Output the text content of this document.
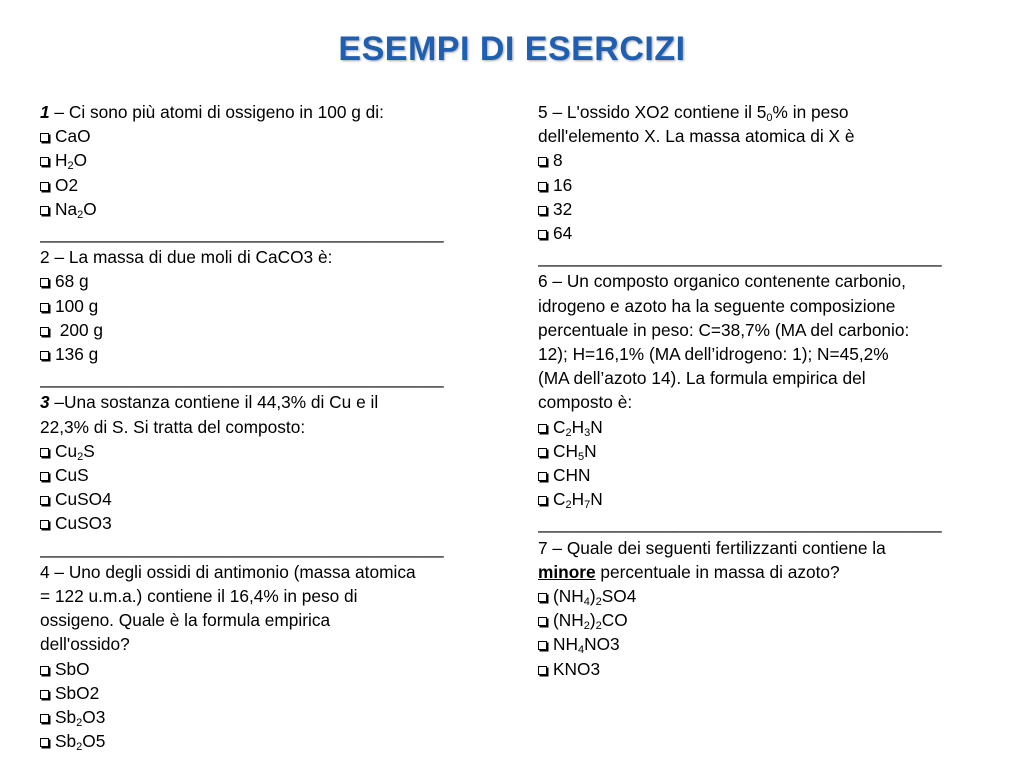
ESEMPI DI ESERCIZI
1 – Ci sono più atomi di ossigeno in 100 g di:
CaO
$H_2O$
O2
$Na_2O$
__________________________________________
2 – La massa di due moli di CaCO3 è:
68 g
100 g
200 g
136 g
__________________________________________
3 –Una sostanza contiene il 44,3% di Cu e il
22,3% di S. Si tratta del composto:
$Cu_2S$
CuS
CuSO4
CuSO3
__________________________________________
4 – Uno degli ossidi di antimonio (massa atomica
= 122 u.m.a.) contiene il 16,4% in peso di
ossigeno. Quale è la formula empirica
dell'ossido?
SbO
SbO2
$Sb_2O3$
$Sb_2O5$
5 – L'ossido XO2 contiene il $5_0\%$ in peso
dell'elemento X. La massa atomica di X è
8
16
32
64
__________________________________________
6 – Un composto organico contenente carbonio,
idrogeno e azoto ha la seguente composizione
percentuale in peso: C=38,7% (MA del carbonio:
12); H=16,1% (MA dell’idrogeno: 1); N=45,2%
(MA dell’azoto 14). La formula empirica del
composto è:
$C_2H_3N$
$CH_5N$
CHN
$C_2H_7N$
__________________________________________
7 – Quale dei seguenti fertilizzanti contiene la
minore percentuale in massa di azoto?
$(NH_4)_2SO4$
$(NH_2)_2CO$
$NH_4NO3$
KNO3
